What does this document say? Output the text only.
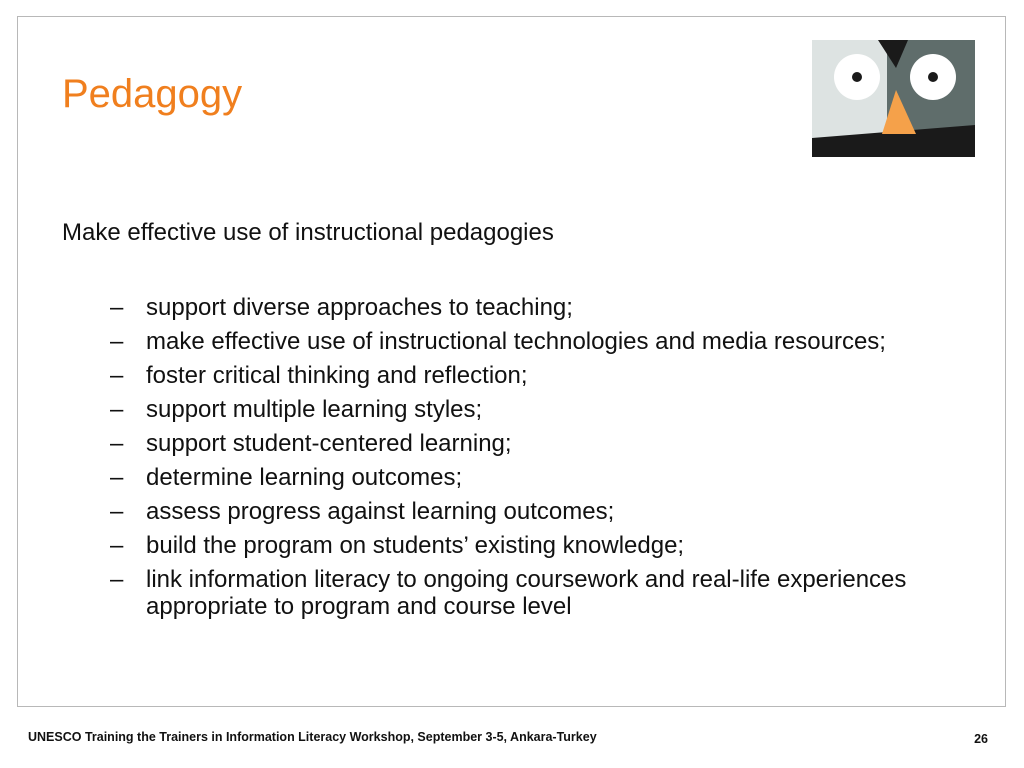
Pedagogy
Make effective use of instructional pedagogies
– support diverse approaches to teaching;
– make effective use of instructional technologies and media resources;
– foster critical thinking and reflection;
– support multiple learning styles;
– support student-centered learning;
– determine learning outcomes;
– assess progress against learning outcomes;
– build the program on students’ existing knowledge;
– link information literacy to ongoing coursework and real-life experiences appropriate to program and course level
UNESCO Training the Trainers in Information Literacy Workshop, September 3-5, Ankara-Turkey	26
